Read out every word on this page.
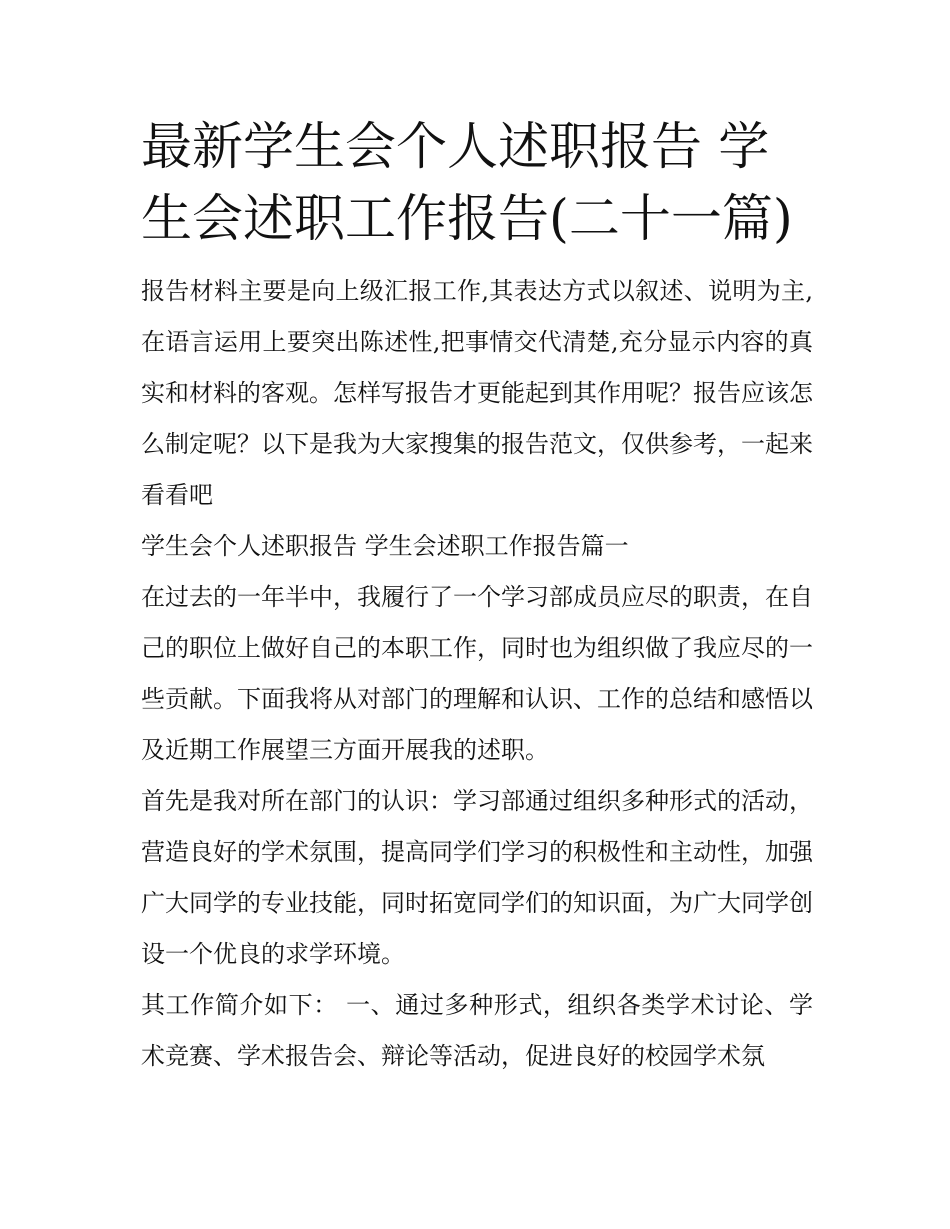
最新学生会个人述职报告 学生会述职工作报告(二十一篇)

报告材料主要是向上级汇报工作,其表达方式以叙述、说明为主,在语言运用上要突出陈述性,把事情交代清楚,充分显示内容的真实和材料的客观。怎样写报告才更能起到其作用呢？报告应该怎么制定呢？以下是我为大家搜集的报告范文，仅供参考，一起来看看吧

学生会个人述职报告 学生会述职工作报告篇一

在过去的一年半中，我履行了一个学习部成员应尽的职责，在自己的职位上做好自己的本职工作，同时也为组织做了我应尽的一些贡献。下面我将从对部门的理解和认识、工作的总结和感悟以及近期工作展望三方面开展我的述职。

首先是我对所在部门的认识：学习部通过组织多种形式的活动，营造良好的学术氛围，提高同学们学习的积极性和主动性，加强广大同学的专业技能，同时拓宽同学们的知识面，为广大同学创设一个优良的求学环境。

其工作简介如下： 一、通过多种形式，组织各类学术讨论、学术竞赛、学术报告会、辩论等活动，促进良好的校园学术氛
